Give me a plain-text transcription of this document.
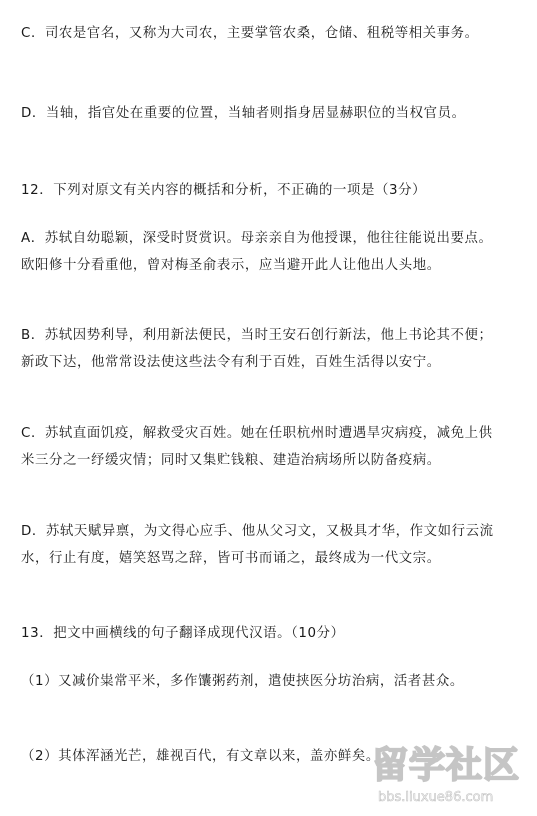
C．司农是官名，又称为大司农，主要掌管农桑，仓储、租税等相关事务。

D．当轴，指官处在重要的位置，当轴者则指身居显赫职位的当权官员。

12．下列对原文有关内容的概括和分析，不正确的一项是（3分）

A．苏轼自幼聪颖，深受时贤赏识。母亲亲自为他授课，他往往能说出要点。欧阳修十分看重他，曾对梅圣俞表示，应当避开此人让他出人头地。

B．苏轼因势利导，利用新法便民，当时王安石创行新法，他上书论其不便；新政下达，他常常设法使这些法令有利于百姓，百姓生活得以安宁。

C．苏轼直面饥疫，解救受灾百姓。她在任职杭州时遭遇旱灾病疫，减免上供米三分之一纾缓灾情；同时又集贮钱粮、建造治病场所以防备疫病。

D．苏轼天赋异禀，为文得心应手、他从父习文，又极具才华，作文如行云流水，行止有度，嬉笑怒骂之辞，皆可书而诵之，最终成为一代文宗。

13．把文中画横线的句子翻译成现代汉语。（10分）

（1）又减价粜常平米，多作馕粥药剂，遣使挟医分坊治病，活者甚众。

（2）其体浑涵光芒，雄视百代，有文章以来，盖亦鲜矣。

留学社区
bbs.liuxue86.com
